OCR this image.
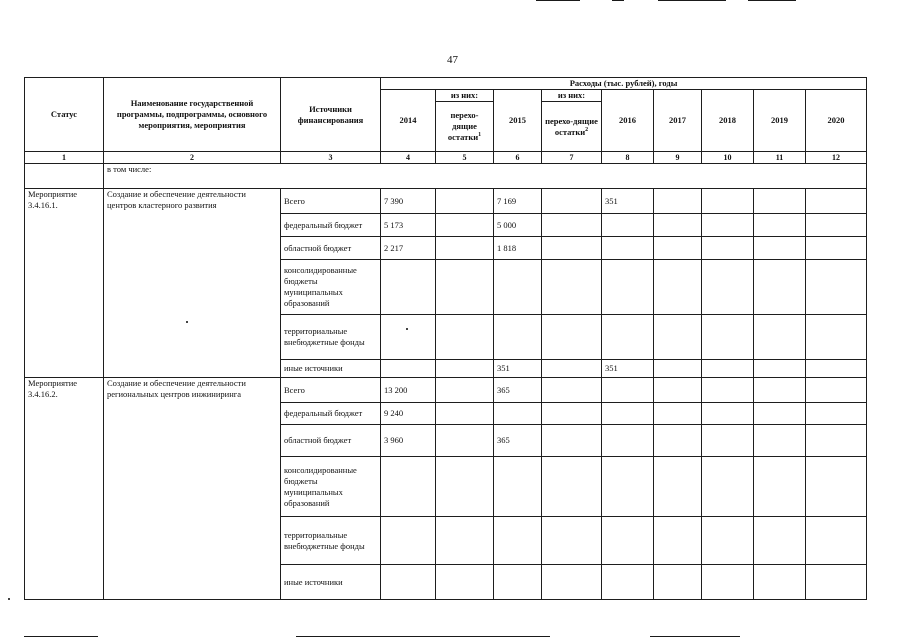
47
Статус	Наименование государственной программы, подпрограммы, основного мероприятия, мероприятия	Источники финансирования	Расходы (тыс. рублей), годы								
			2014	из них:	2015	из них:	2016	2017	2018	2019	2020
				перехо-дящие остатки$^1$		перехо-дящие остатки$^2$
1	2	3	4	5	6	7	8	9	10	11	12
	в том числе:										
Мероприятие 3.4.16.1.	Создание и обеспечение деятельности центров кластерного развития	Всего	7 390		7 169		351				
		федеральный бюджет	5 173		5 000						
		областной бюджет	2 217		1 818						
		консолидированные бюджеты муниципальных образований									
		территориальные внебюджетные фонды									
		иные источники			351		351				
Мероприятие 3.4.16.2.	Создание и обеспечение деятельности региональных центров инжиниринга	Всего	13 200		365						
		федеральный бюджет	9 240								
		областной бюджет	3 960		365						
		консолидированные бюджеты муниципальных образований									
		территориальные внебюджетные фонды									
		иные источники									
